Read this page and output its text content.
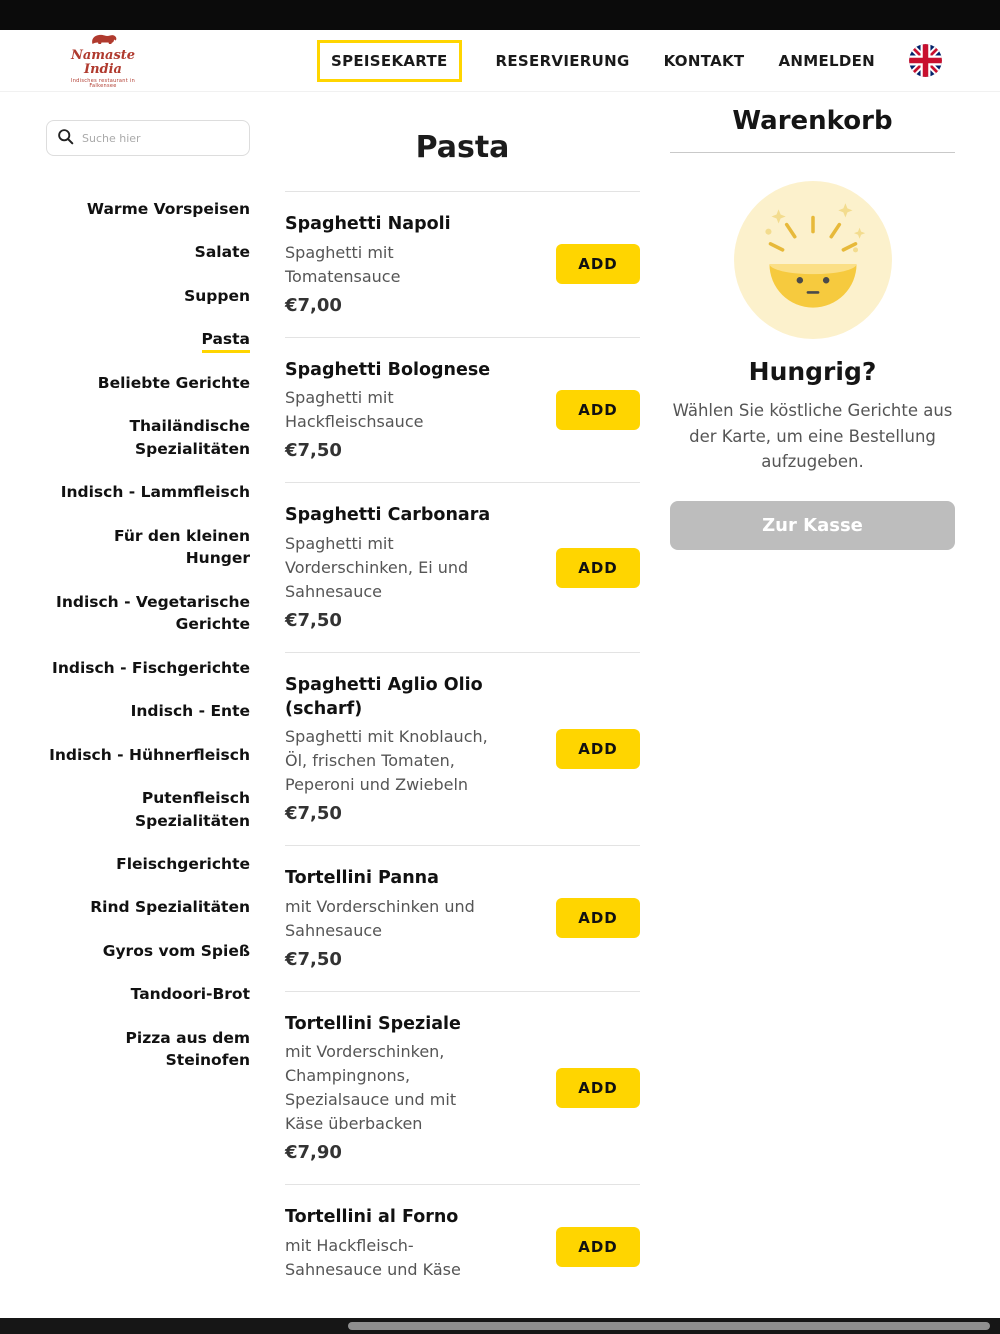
Namaste India
Indisches restaurant in Falkensee
SPEISEKARTE	RESERVIERUNG KONTAKT ANMELDEN
Suche hier
Warme Vorspeisen
Salate
Suppen
Pasta
Beliebte Gerichte
Thailändische Spezialitäten
Indisch - Lammfleisch
Für den kleinen Hunger
Indisch - Vegetarische Gerichte
Indisch - Fischgerichte
Indisch - Ente
Indisch - Hühnerfleisch
Putenfleisch Spezialitäten
Fleischgerichte
Rind Spezialitäten
Gyros vom Spieß
Tandoori-Brot
Pizza aus dem Steinofen
Pasta
Spaghetti Napoli
Spaghetti mit Tomatensauce
€7,00
ADD
Spaghetti Bolognese
Spaghetti mit Hackfleischsauce
€7,50
ADD
Spaghetti Carbonara
Spaghetti mit Vorderschinken, Ei und Sahnesauce
€7,50
ADD
Spaghetti Aglio Olio (scharf)
Spaghetti mit Knoblauch, Öl, frischen Tomaten, Peperoni und Zwiebeln
€7,50
ADD
Tortellini Panna
mit Vorderschinken und Sahnesauce
€7,50
ADD
Tortellini Speziale
mit Vorderschinken, Champingnons, Spezialsauce und mit Käse überbacken
€7,90
ADD
Tortellini al Forno
mit Hackfleisch-Sahnesauce und Käse
ADD
Warenkorb
Hungrig?
Wählen Sie köstliche Gerichte aus der Karte, um eine Bestellung aufzugeben.
Zur Kasse
